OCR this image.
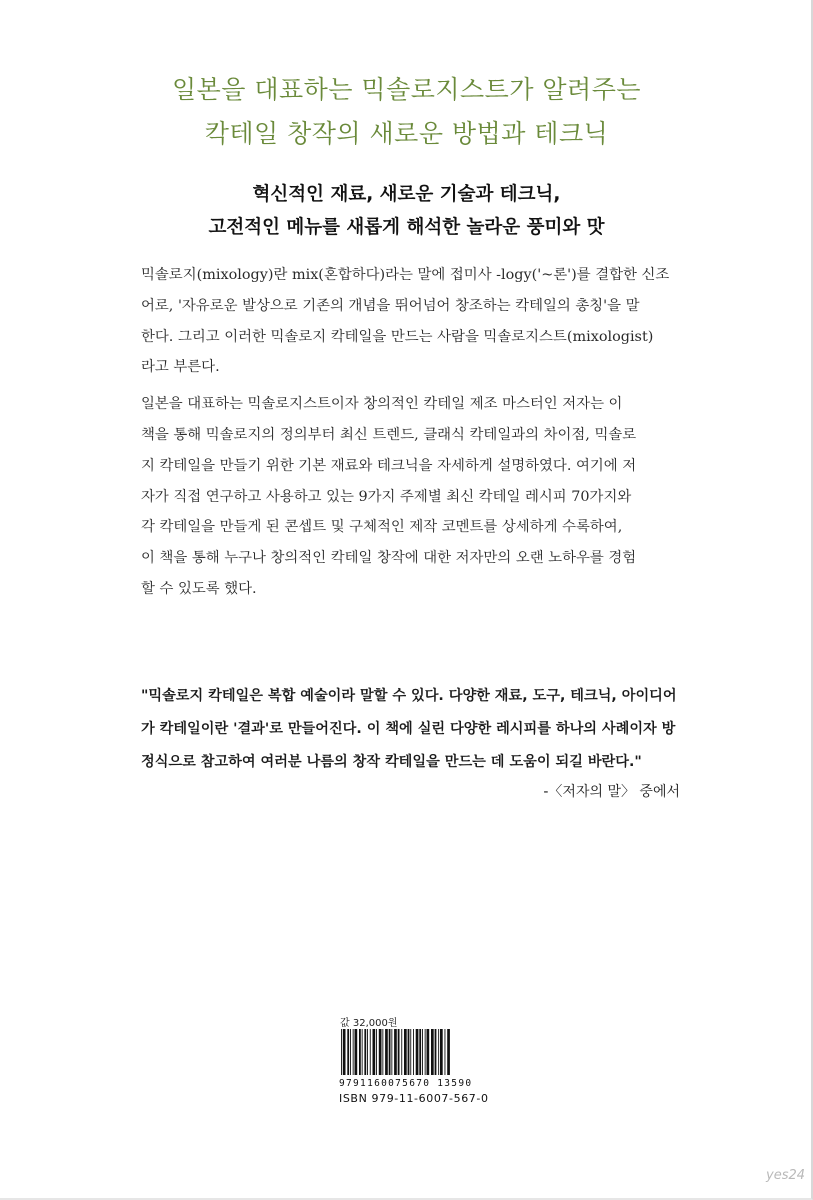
일본을 대표하는 믹솔로지스트가 알려주는
칵테일 창작의 새로운 방법과 테크닉
혁신적인 재료, 새로운 기술과 테크닉,
고전적인 메뉴를 새롭게 해석한 놀라운 풍미와 맛
믹솔로지(mixology)란 mix(혼합하다)라는 말에 접미사 -logy('~론')를 결합한 신조
어로, '자유로운 발상으로 기존의 개념을 뛰어넘어 창조하는 칵테일의 총칭'을 말
한다. 그리고 이러한 믹솔로지 칵테일을 만드는 사람을 믹솔로지스트(mixologist)
라고 부른다.
일본을 대표하는 믹솔로지스트이자 창의적인 칵테일 제조 마스터인 저자는 이
책을 통해 믹솔로지의 정의부터 최신 트렌드, 클래식 칵테일과의 차이점, 믹솔로
지 칵테일을 만들기 위한 기본 재료와 테크닉을 자세하게 설명하였다. 여기에 저
자가 직접 연구하고 사용하고 있는 9가지 주제별 최신 칵테일 레시피 70가지와
각 칵테일을 만들게 된 콘셉트 및 구체적인 제작 코멘트를 상세하게 수록하여,
이 책을 통해 누구나 창의적인 칵테일 창작에 대한 저자만의 오랜 노하우를 경험
할 수 있도록 했다.
"믹솔로지 칵테일은 복합 예술이라 말할 수 있다. 다양한 재료, 도구, 테크닉, 아이디어
가 칵테일이란 '결과'로 만들어진다. 이 책에 실린 다양한 레시피를 하나의 사례이자 방
정식으로 참고하여 여러분 나름의 창작 칵테일을 만드는 데 도움이 되길 바란다."
-〈저자의 말〉 중에서
값 32,000원
9791160075670 13590
ISBN 979-11-6007-567-0
yes24
